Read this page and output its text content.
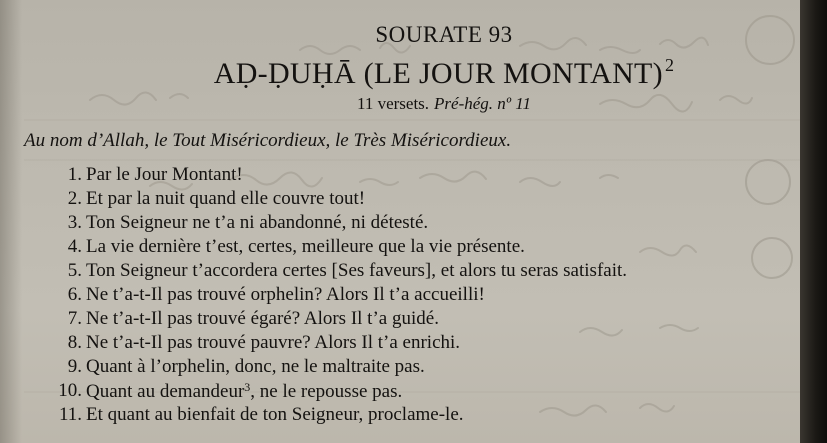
SOURATE 93
AḌ-ḌUḤĀ (LE JOUR MONTANT) $^2$
11 versets. Pré-hég. nº 11
Au nom d’Allah, le Tout Miséricordieux, le Très Miséricordieux.
1. Par le Jour Montant!
2. Et par la nuit quand elle couvre tout!
3. Ton Seigneur ne t’a ni abandonné, ni détesté.
4. La vie dernière t’est, certes, meilleure que la vie présente.
5. Ton Seigneur t’accordera certes [Ses faveurs], et alors tu seras satisfait.
6. Ne t’a-t-Il pas trouvé orphelin? Alors Il t’a accueilli!
7. Ne t’a-t-Il pas trouvé égaré? Alors Il t’a guidé.
8. Ne t’a-t-Il pas trouvé pauvre? Alors Il t’a enrichi.
9. Quant à l’orphelin, donc, ne le maltraite pas.
10. Quant au demandeur$^3$, ne le repousse pas.
11. Et quant au bienfait de ton Seigneur, proclame-le.
